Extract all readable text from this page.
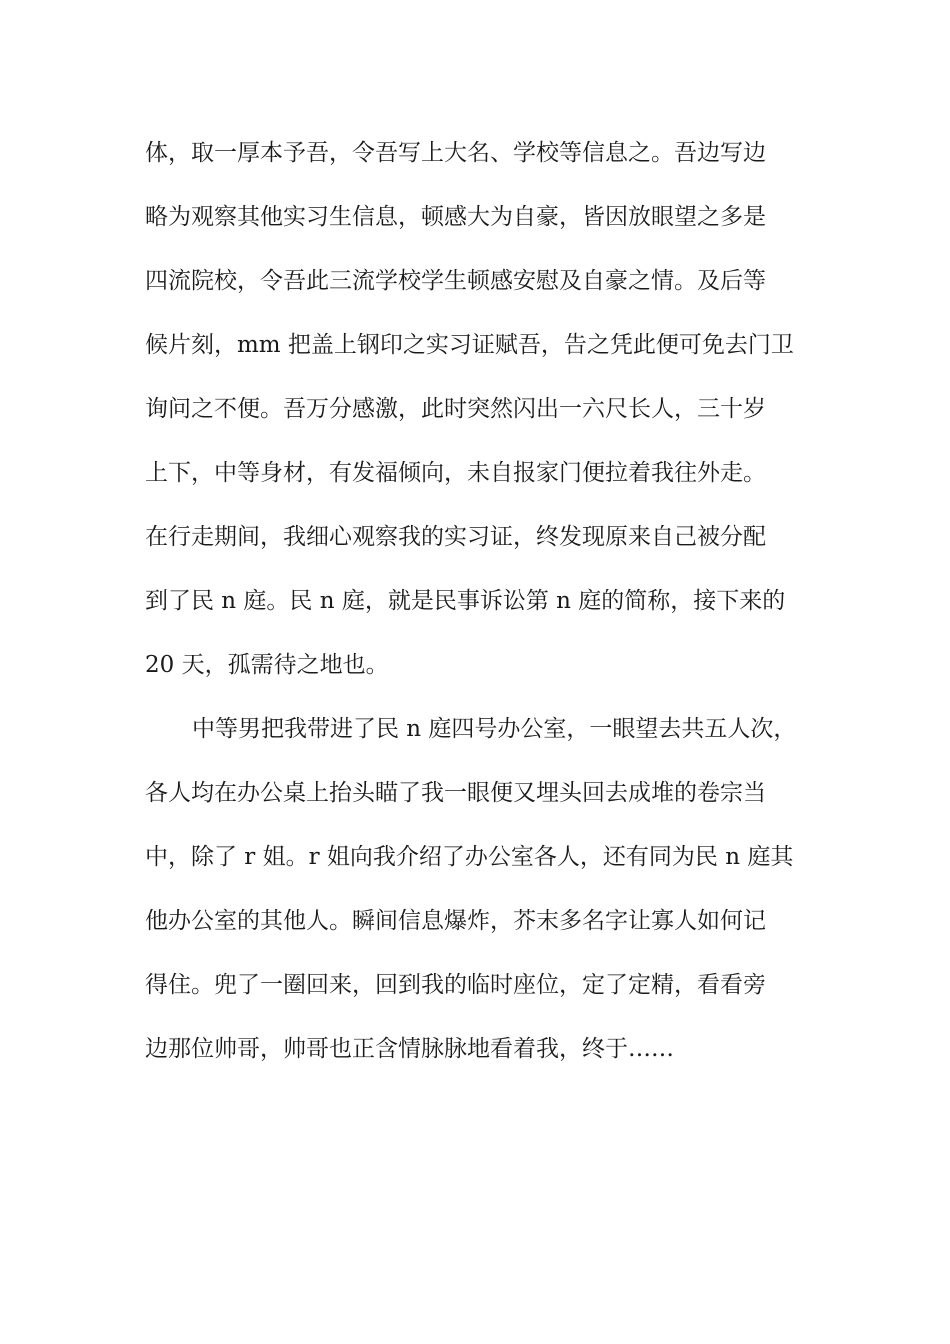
体，取一厚本予吾，令吾写上大名、学校等信息之。吾边写边
略为观察其他实习生信息，顿感大为自豪，皆因放眼望之多是
四流院校，令吾此三流学校学生顿感安慰及自豪之情。及后等
候片刻，mm 把盖上钢印之实习证赋吾，告之凭此便可免去门卫
询问之不便。吾万分感激，此时突然闪出一六尺长人，三十岁
上下，中等身材，有发福倾向，未自报家门便拉着我往外走。
在行走期间，我细心观察我的实习证，终发现原来自己被分配
到了民 n 庭。民 n 庭，就是民事诉讼第 n 庭的简称，接下来的
20 天，孤需待之地也。
中等男把我带进了民 n 庭四号办公室，一眼望去共五人次，
各人均在办公桌上抬头瞄了我一眼便又埋头回去成堆的卷宗当
中，除了 r 姐。r 姐向我介绍了办公室各人，还有同为民 n 庭其
他办公室的其他人。瞬间信息爆炸，芥末多名字让寡人如何记
得住。兜了一圈回来，回到我的临时座位，定了定精，看看旁
边那位帅哥，帅哥也正含情脉脉地看着我，终于……
